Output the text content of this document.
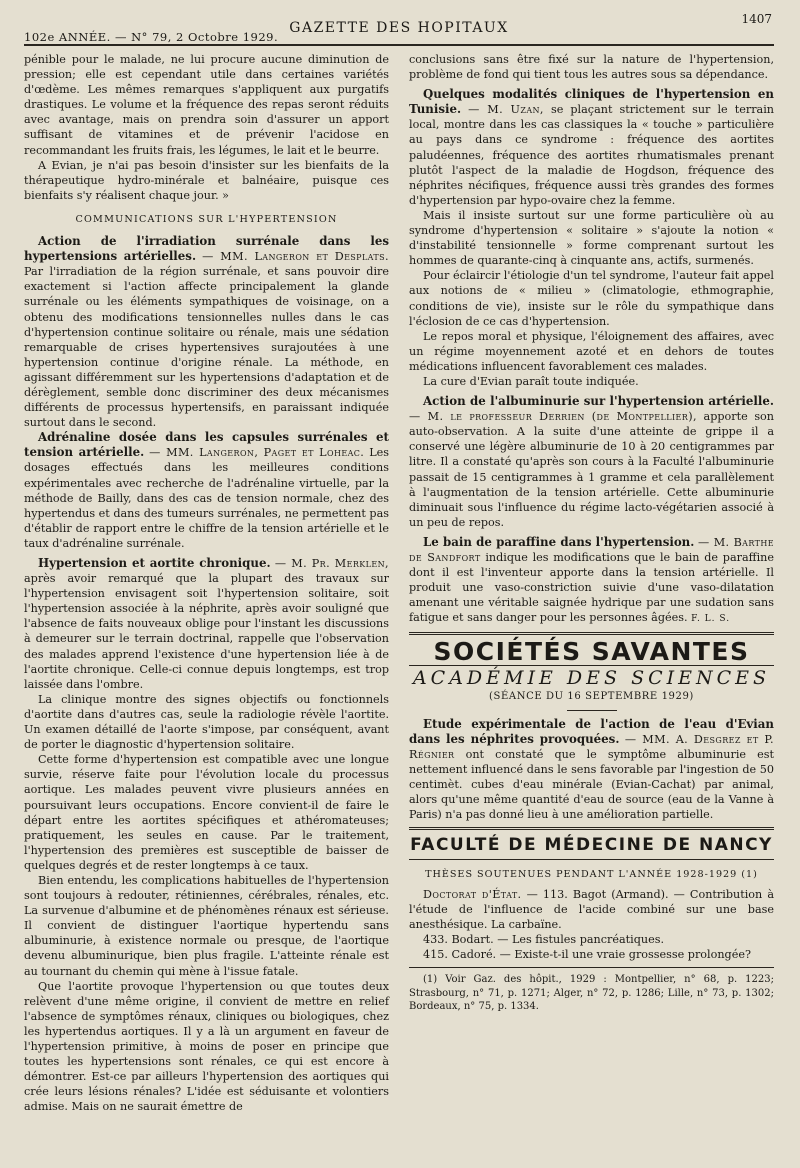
102e ANNÉE. — N° 79, 2 Octobre 1929.
GAZETTE DES HOPITAUX
1407

pénible pour le malade, ne lui procure aucune diminution de pression; elle est cependant utile dans certaines variétés d'œdème. Les mêmes remarques s'appliquent aux purgatifs drastiques. Le volume et la fréquence des repas seront réduits avec avantage, mais on prendra soin d'assurer un apport suffisant de vitamines et de prévenir l'acidose en recommandant les fruits frais, les légumes, le lait et le beurre.

A Evian, je n'ai pas besoin d'insister sur les bienfaits de la thérapeutique hydro-minérale et balnéaire, puisque ces bienfaits s'y réalisent chaque jour. »

COMMUNICATIONS SUR L'HYPERTENSION

Action de l'irradiation surrénale dans les hypertensions artérielles. — MM. Langeron et Desplats. Par l'irradiation de la région surrénale, et sans pouvoir dire exactement si l'action affecte principalement la glande surrénale ou les éléments sympathiques de voisinage, on a obtenu des modifications tensionnelles nulles dans le cas d'hypertension continue solitaire ou rénale, mais une sédation remarquable de crises hypertensives surajoutées à une hypertension continue d'origine rénale. La méthode, en agissant différemment sur les hypertensions d'adaptation et de dérèglement, semble donc discriminer des deux mécanismes différents de processus hypertensifs, en paraissant indiquée surtout dans le second.

Adrénaline dosée dans les capsules surrénales et tension artérielle. — MM. Langeron, Paget et Loheac. Les dosages effectués dans les meilleures conditions expérimentales avec recherche de l'adrénaline virtuelle, par la méthode de Bailly, dans des cas de tension normale, chez des hypertendus et dans des tumeurs surrénales, ne permettent pas d'établir de rapport entre le chiffre de la tension artérielle et le taux d'adrénaline surrénale.

Hypertension et aortite chronique. — M. Pr. Merklen, après avoir remarqué que la plupart des travaux sur l'hypertension envisagent soit l'hypertension solitaire, soit l'hypertension associée à la néphrite, après avoir souligné que l'absence de faits nouveaux oblige pour l'instant les discussions à demeurer sur le terrain doctrinal, rappelle que l'observation des malades apprend l'existence d'une hypertension liée à de l'aortite chronique. Celle-ci connue depuis longtemps, est trop laissée dans l'ombre.

La clinique montre des signes objectifs ou fonctionnels d'aortite dans d'autres cas, seule la radiologie révèle l'aortite. Un examen détaillé de l'aorte s'impose, par conséquent, avant de porter le diagnostic d'hypertension solitaire.

Cette forme d'hypertension est compatible avec une longue survie, réserve faite pour l'évolution locale du processus aortique. Les malades peuvent vivre plusieurs années en poursuivant leurs occupations. Encore convient-il de faire le départ entre les aortites spécifiques et athéromateuses; pratiquement, les seules en cause. Par le traitement, l'hypertension des premières est susceptible de baisser de quelques degrés et de rester longtemps à ce taux.

Bien entendu, les complications habituelles de l'hypertension sont toujours à redouter, rétiniennes, cérébrales, rénales, etc. La survenue d'albumine et de phénomènes rénaux est sérieuse. Il convient de distinguer l'aortique hypertendu sans albuminurie, à existence normale ou presque, de l'aortique devenu albuminurique, bien plus fragile. L'atteinte rénale est au tournant du chemin qui mène à l'issue fatale.

Que l'aortite provoque l'hypertension ou que toutes deux relèvent d'une même origine, il convient de mettre en relief l'absence de symptômes rénaux, cliniques ou biologiques, chez les hypertendus aortiques. Il y a là un argument en faveur de l'hypertension primitive, à moins de poser en principe que toutes les hypertensions sont rénales, ce qui est encore à démontrer. Est-ce par ailleurs l'hypertension des aortiques qui crée leurs lésions rénales? L'idée est séduisante et volontiers admise. Mais on ne saurait émettre de

conclusions sans être fixé sur la nature de l'hypertension, problème de fond qui tient tous les autres sous sa dépendance.

Quelques modalités cliniques de l'hypertension en Tunisie. — M. Uzan, se plaçant strictement sur le terrain local, montre dans les cas classiques la « touche » particulière au pays dans ce syndrome : fréquence des aortites paludéennes, fréquence des aortites rhumatismales prenant plutôt l'aspect de la maladie de Hogdson, fréquence des néphrites nécifiques, fréquence aussi très grandes des formes d'hypertension par hypo-ovaire chez la femme.

Mais il insiste surtout sur une forme particulière où au syndrome d'hypertension « solitaire » s'ajoute la notion « d'instabilité tensionnelle » forme comprenant surtout les hommes de quarante-cinq à cinquante ans, actifs, surmenés.

Pour éclaircir l'étiologie d'un tel syndrome, l'auteur fait appel aux notions de « milieu » (climatologie, ethmographie, conditions de vie), insiste sur le rôle du sympathique dans l'éclosion de ce cas d'hypertension.

Le repos moral et physique, l'éloignement des affaires, avec un régime moyennement azoté et en dehors de toutes médications influencent favorablement ces malades.

La cure d'Evian paraît toute indiquée.

Action de l'albuminurie sur l'hypertension artérielle. — M. le professeur Derrien (de Montpellier), apporte son auto-observation. A la suite d'une atteinte de grippe il a conservé une légère albuminurie de 10 à 20 centigrammes par litre. Il a constaté qu'après son cours à la Faculté l'albuminurie passait de 15 centigrammes à 1 gramme et cela parallèlement à l'augmentation de la tension artérielle. Cette albuminurie diminuait sous l'influence du régime lacto-végétarien associé à un peu de repos.

Le bain de paraffine dans l'hypertension. — M. Barthe de Sandfort indique les modifications que le bain de paraffine dont il est l'inventeur apporte dans la tension artérielle. Il produit une vaso-constriction suivie d'une vaso-dilatation amenant une véritable saignée hydrique par une sudation sans fatigue et sans danger pour les personnes âgées. F. L. S.

SOCIÉTÉS SAVANTES
ACADÉMIE DES SCIENCES
(SÉANCE DU 16 SEPTEMBRE 1929)

Etude expérimentale de l'action de l'eau d'Evian dans les néphrites provoquées. — MM. A. Desgrez et P. Régnier ont constaté que le symptôme albuminurie est nettement influencé dans le sens favorable par l'ingestion de 50 centimèt. cubes d'eau minérale (Evian-Cachat) par animal, alors qu'une même quantité d'eau de source (eau de la Vanne à Paris) n'a pas donné lieu à une amélioration partielle.

FACULTÉ DE MÉDECINE DE NANCY
THÈSES SOUTENUES PENDANT L'ANNÉE 1928-1929 (1)

Doctorat d'État. — 113. Bagot (Armand). — Contribution à l'étude de l'influence de l'acide combiné sur une base anesthésique. La carbaïne.

433. Bodart. — Les fistules pancréatiques.

415. Cadoré. — Existe-t-il une vraie grossesse prolongée?

(1) Voir Gaz. des hôpit., 1929 : Montpellier, n° 68, p. 1223; Strasbourg, n° 71, p. 1271; Alger, n° 72, p. 1286; Lille, n° 73, p. 1302; Bordeaux, n° 75, p. 1334.
